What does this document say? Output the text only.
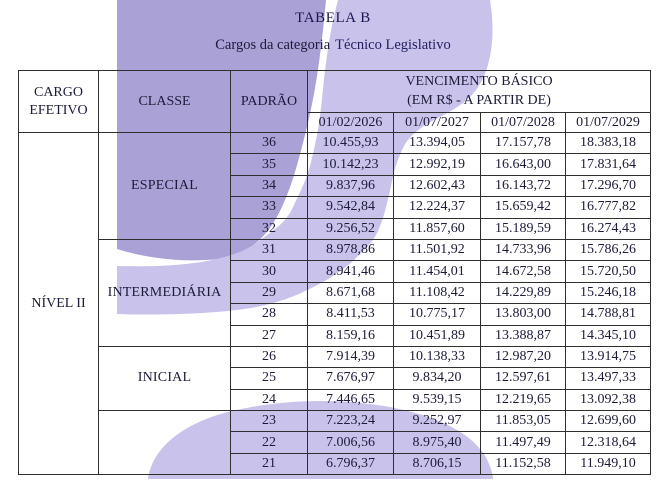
TABELA B
Cargos da categoria Técnico Legislativo
CARGO
EFETIVO
	CLASSE	PADRÃO	
VENCIMENTO BÁSICO
(EM R$ - A PARTIR DE)

			01/02/2026	01/07/2027	01/07/2028	01/07/2029
NÍVEL II	ESPECIAL	36	10.455,93	13.394,05	17.157,78	18.383,18
		35	10.142,23	12.992,19	16.643,00	17.831,64
		34	9.837,96	12.602,43	16.143,72	17.296,70
		33	9.542,84	12.224,37	15.659,42	16.777,82
		32	9.256,52	11.857,60	15.189,59	16.274,43
	INTERMEDIÁRIA	31	8.978,86	11.501,92	14.733,96	15.786,26
		30	8.941,46	11.454,01	14.672,58	15.720,50
		29	8.671,68	11.108,42	14.229,89	15.246,18
		28	8.411,53	10.775,17	13.803,00	14.788,81
		27	8.159,16	10.451,89	13.388,87	14.345,10
	INICIAL	26	7.914,39	10.138,33	12.987,20	13.914,75
		25	7.676,97	9.834,20	12.597,61	13.497,33
		24	7.446,65	9.539,15	12.219,65	13.092,38
		23	7.223,24	9.252,97	11.853,05	12.699,60
		22	7.006,56	8.975,40	11.497,49	12.318,64
		21	6.796,37	8.706,15	11.152,58	11.949,10
